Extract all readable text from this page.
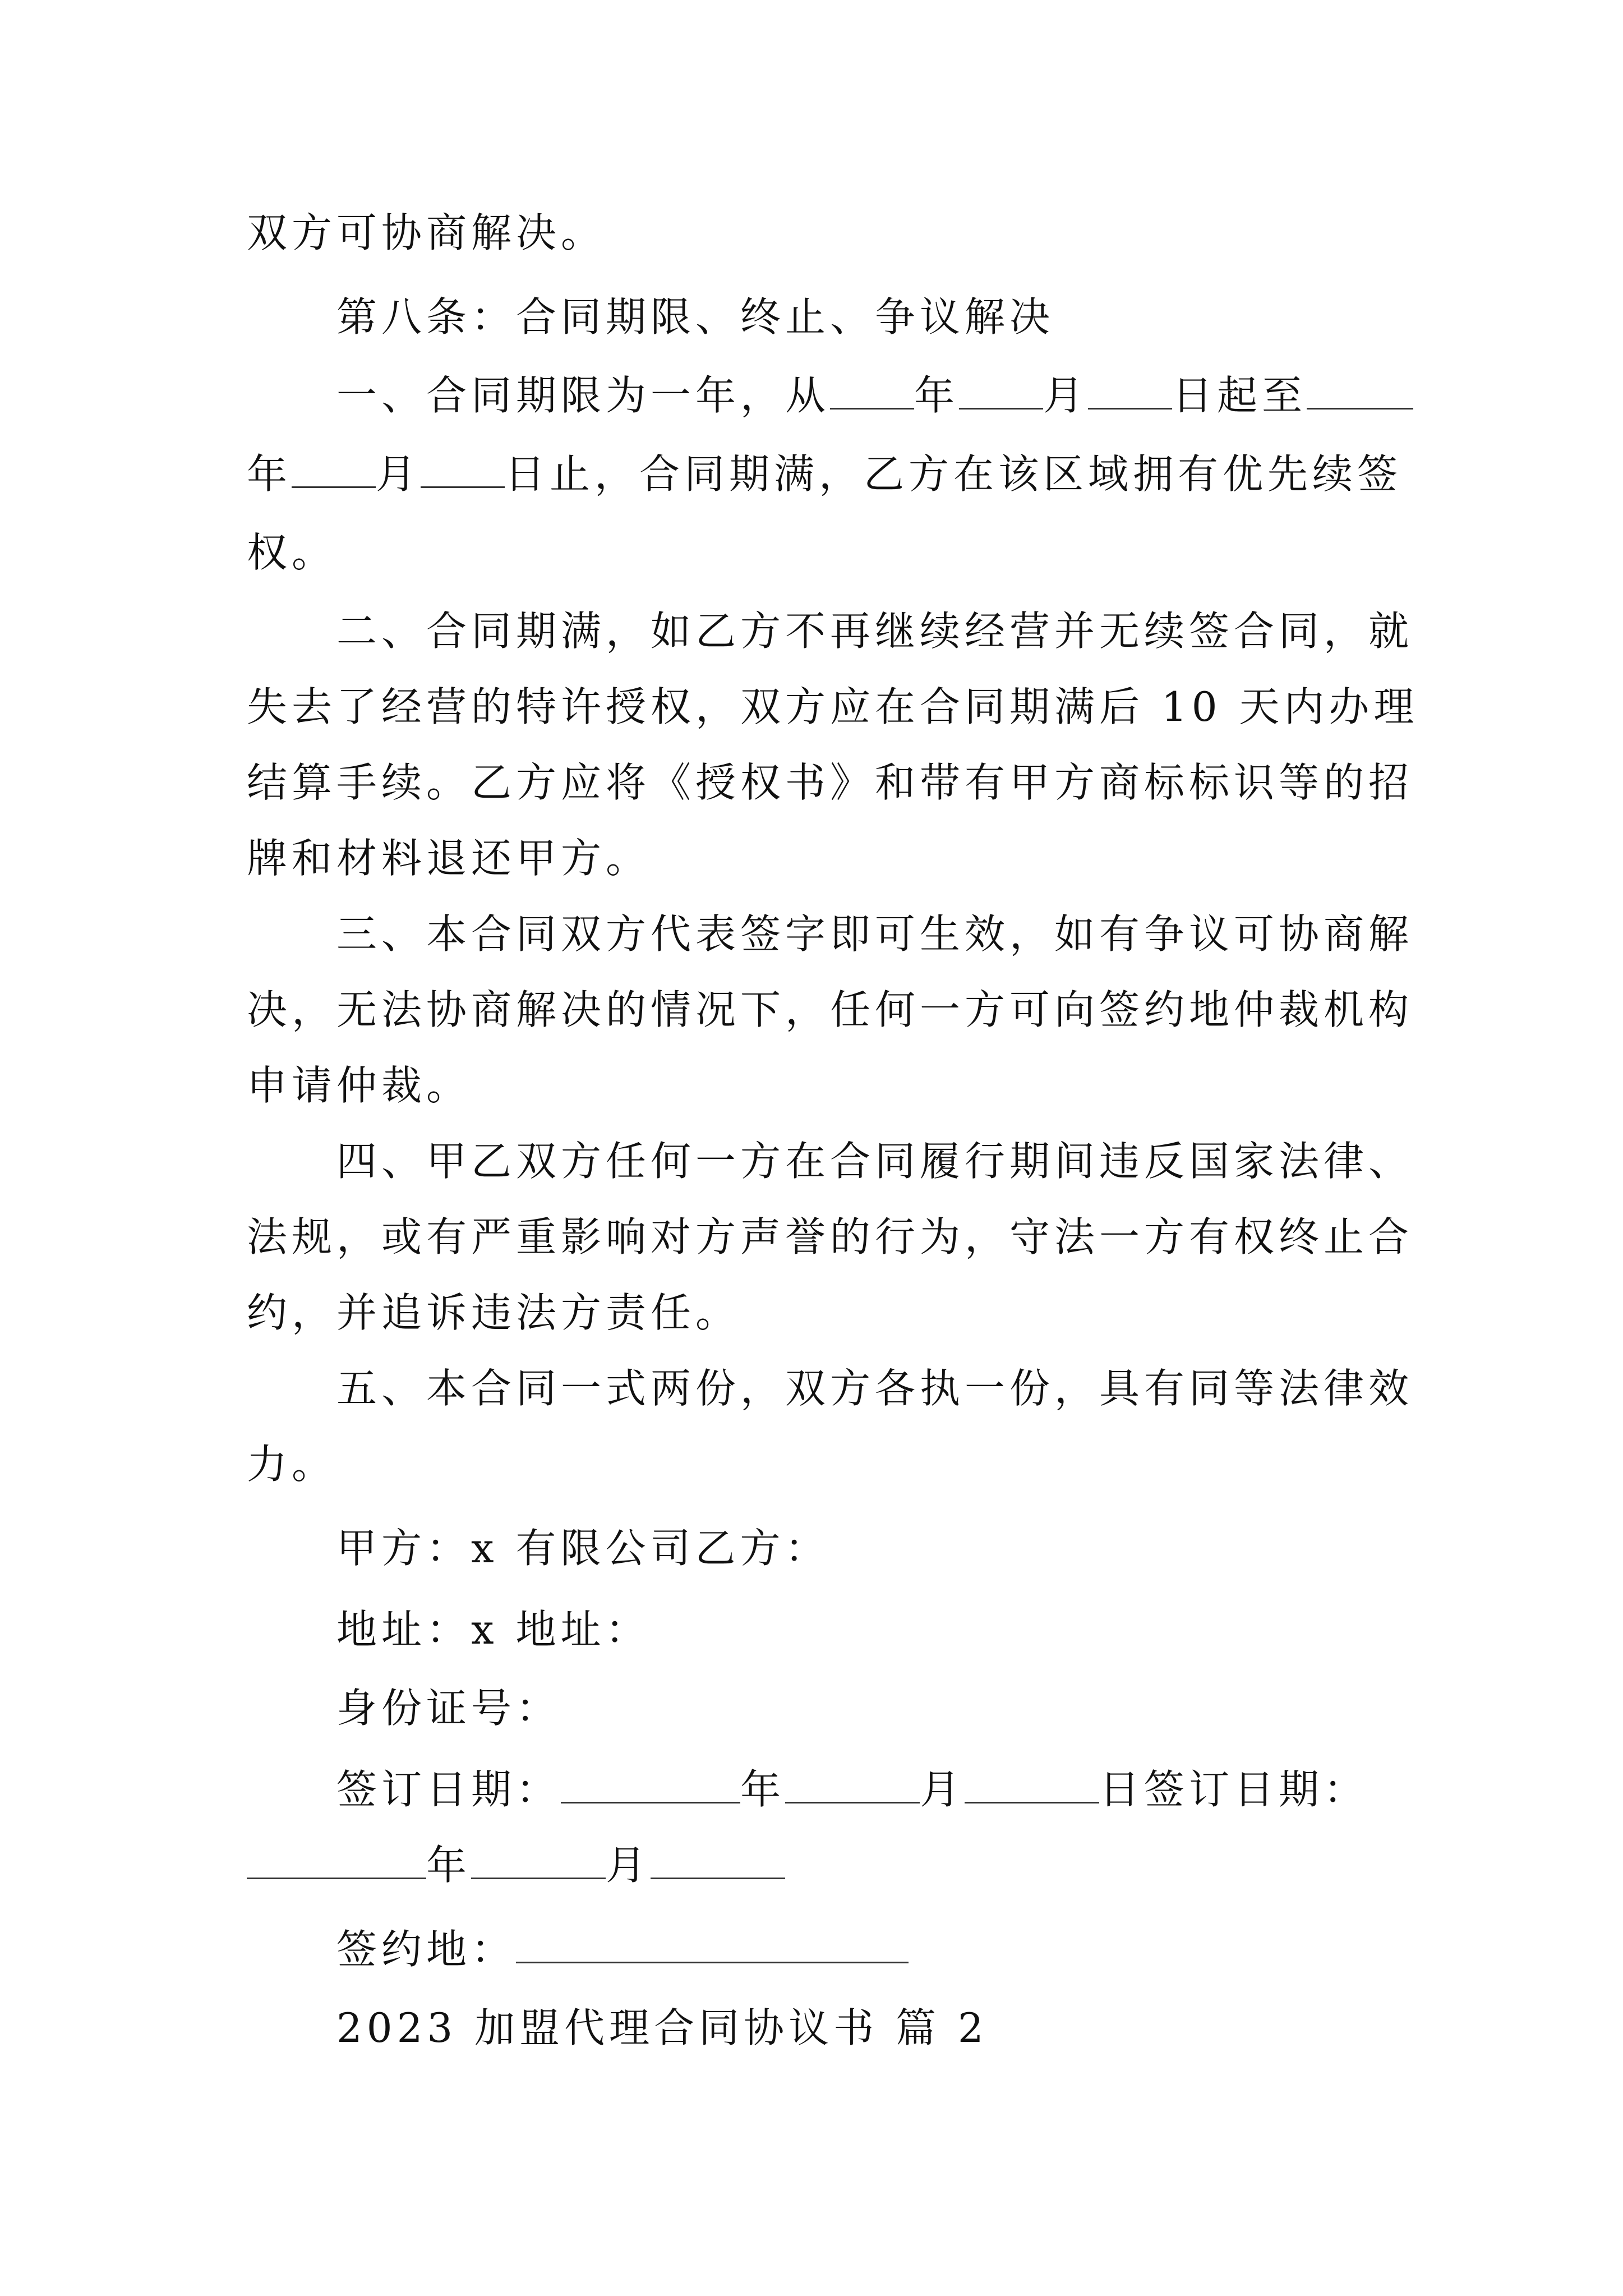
双方可协商解决。
第八条：合同期限、终止、争议解决
一、合同期限为一年，从 年 月 日起至
年 月 日止，合同期满，乙方在该区域拥有优先续签
权。
二、合同期满，如乙方不再继续经营并无续签合同，就
失去了经营的特许授权，双方应在合同期满后 10 天内办理
结算手续。乙方应将《授权书》和带有甲方商标标识等的招
牌和材料退还甲方。
三、本合同双方代表签字即可生效，如有争议可协商解
决，无法协商解决的情况下，任何一方可向签约地仲裁机构
申请仲裁。
四、甲乙双方任何一方在合同履行期间违反国家法律、
法规，或有严重影响对方声誉的行为，守法一方有权终止合
约，并追诉违法方责任。
五、本合同一式两份，双方各执一份，具有同等法律效
力。
甲方：x 有限公司乙方：
地址：x 地址：
身份证号：
签订日期：	年	月	日签订日期：
年	月
签约地：
2023 加盟代理合同协议书 篇 2
